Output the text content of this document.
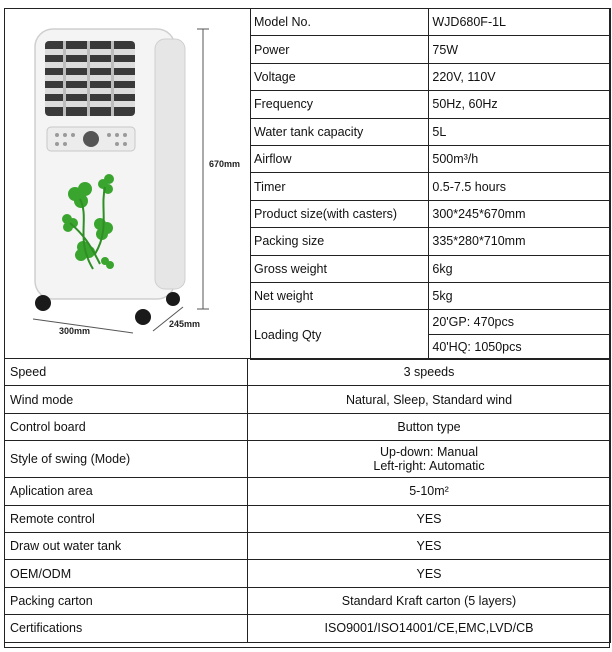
670mm
300mm
245mm
Model No.	WJD680F-1L
Power	75W
Voltage	220V, 110V
Frequency	50Hz, 60Hz
Water tank capacity	5L
Airflow	500m³/h
Timer	0.5-7.5 hours
Product size(with casters)	300*245*670mm
Packing size	335*280*710mm
Gross weight	6kg
Net weight	5kg
Loading Qty	20'GP: 470pcs
	40'HQ: 1050pcs
Speed	3 speeds
Wind mode	Natural, Sleep, Standard wind
Control board	Button type
Style of swing (Mode)	Up-down: Manual
Left-right: Automatic

Aplication area	5-10m²
Remote control	YES
Draw out water tank	YES
OEM/ODM	YES
Packing carton	Standard Kraft carton (5 layers)
Certifications	ISO9001/ISO14001/CE,EMC,LVD/CB
